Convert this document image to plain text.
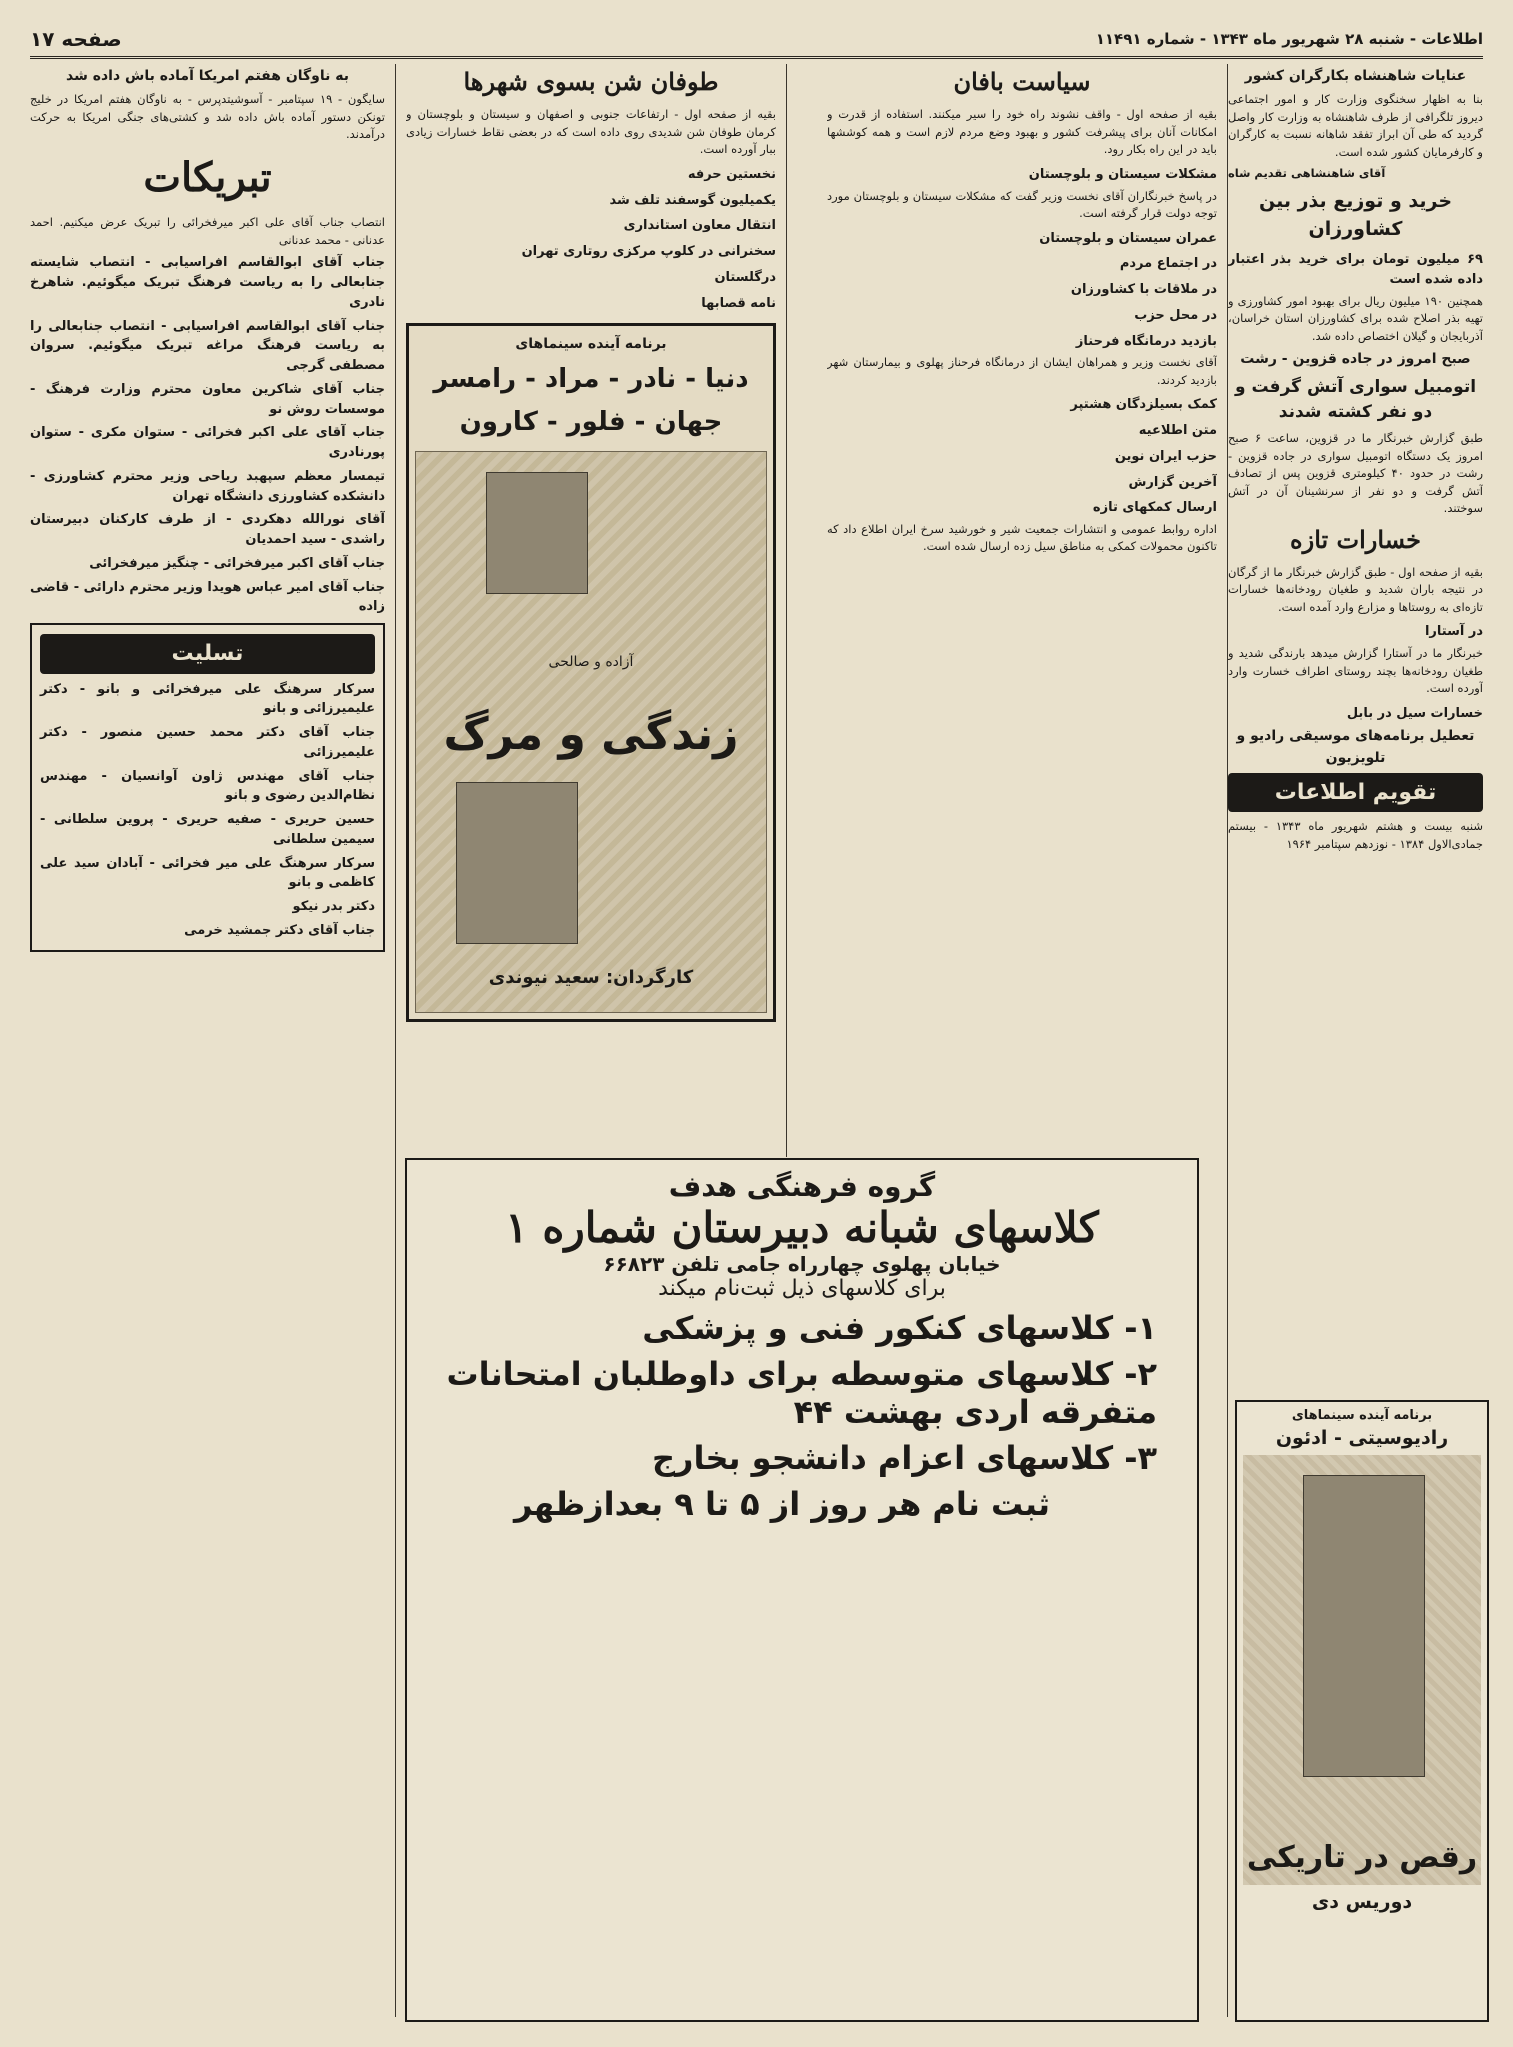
اطلاعات - شنبه ۲۸ شهریور ماه ۱۳۴۳ - شماره ۱۱۴۹۱
صفحه ۱۷
عنایات شاهنشاه بکارگران کشور

بنا به اظهار سخنگوی وزارت کار و امور اجتماعی دیروز تلگرافی از طرف شاهنشاه به وزارت کار واصل گردید که طی آن ابراز تفقد شاهانه نسبت به کارگران و کارفرمایان کشور شده است.

آقای شاهنشاهی تقدیم شاه

خرید و توزیع بذر بین کشاورزان
۶۹ میلیون تومان برای خرید بذر اعتبار داده شده است

همچنین ۱۹۰ میلیون ریال برای بهبود امور کشاورزی و تهیه بذر اصلاح شده برای کشاورزان استان خراسان، آذربایجان و گیلان اختصاص داده شد.

صبح امروز در جاده قزوین - رشت
اتومبیل سواری آتش گرفت و دو نفر کشته شدند

طبق گزارش خبرنگار ما در قزوین، ساعت ۶ صبح امروز یک دستگاه اتومبیل سواری در جاده قزوین - رشت در حدود ۴۰ کیلومتری قزوین پس از تصادف آتش گرفت و دو نفر از سرنشینان آن در آتش سوختند.

خسارات تازه

بقیه از صفحه اول - طبق گزارش خبرنگار ما از گرگان در نتیجه باران شدید و طغیان رودخانه‌ها خسارات تازه‌ای به روستاها و مزارع وارد آمده است.

در آستارا

خبرنگار ما در آستارا گزارش میدهد بارندگی شدید و طغیان رودخانه‌ها بچند روستای اطراف خسارت وارد آورده است.

خسارات سیل در بابل
تعطیل برنامه‌های موسیقی رادیو و تلویزیون
تقویم اطلاعات

شنبه بیست و هشتم شهریور ماه ۱۳۴۳ - بیستم جمادی‌الاول ۱۳۸۴ - نوزدهم سپتامبر ۱۹۶۴

برنامه آینده سینماهای
رادیوسیتی - ادئون
رقص در تاریکی
دوریس دی
سیاست بافان

بقیه از صفحه اول - واقف نشوند راه خود را سیر میکنند. استفاده از قدرت و امکانات آنان برای پیشرفت کشور و بهبود وضع مردم لازم است و همه کوششها باید در این راه بکار رود.

مشکلات سیستان و بلوچستان

در پاسخ خبرنگاران آقای نخست وزیر گفت که مشکلات سیستان و بلوچستان مورد توجه دولت قرار گرفته است.

عمران سیستان و بلوچستان
در اجتماع مردم
در ملاقات با کشاورزان
در محل حزب
بازدید درمانگاه فرحناز

آقای نخست وزیر و همراهان ایشان از درمانگاه فرحناز پهلوی و بیمارستان شهر بازدید کردند.

کمک بسیلزدگان هشتپر
متن اطلاعیه
حزب ایران نوین
آخرین گزارش
ارسال کمکهای تازه

اداره روابط عمومی و انتشارات جمعیت شیر و خورشید سرخ ایران اطلاع داد که تاکنون محمولات کمکی به مناطق سیل زده ارسال شده است.

طوفان شن بسوی شهرها

بقیه از صفحه اول - ارتفاعات جنوبی و اصفهان و سیستان و بلوچستان و کرمان طوفان شن شدیدی روی داده است که در بعضی نقاط خسارات زیادی ببار آورده است.

نخستین حرفه
یکمیلیون گوسفند تلف شد
انتقال معاون استانداری
سخنرانی در کلوپ مرکزی روتاری تهران
درگلستان
نامه قصابها
برنامه آینده سینماهای
دنیا - نادر - مراد - رامسر
جهان - فلور - کارون
آزاده و صالحی
زندگی و مرگ
کارگردان: سعید نیوندی
به ناوگان هفتم امریکا آماده باش داده شد

سایگون - ۱۹ سپتامبر - آسوشیتدپرس - به ناوگان هفتم امریکا در خلیج تونکن دستور آماده باش داده شد و کشتی‌های جنگی امریکا به حرکت درآمدند.

تبریکات

انتصاب جناب آقای علی اکبر میرفخرائی را تبریک عرض میکنیم. احمد عدنانی - محمد عدنانی

جناب آقای ابوالقاسم افراسیابی - انتصاب شایسته جنابعالی را به ریاست فرهنگ تبریک میگوئیم. شاهرخ نادری

جناب آقای ابوالقاسم افراسیابی - انتصاب جنابعالی را به ریاست فرهنگ مراغه تبریک میگوئیم. سروان مصطفی گرجی

جناب آقای شاکرین معاون محترم وزارت فرهنگ - موسسات روش نو

جناب آقای علی اکبر فخرائی - ستوان مکری - ستوان پورنادری

تیمسار معظم سپهبد ریاحی وزیر محترم کشاورزی - دانشکده کشاورزی دانشگاه تهران

آقای نورالله دهکردی - از طرف کارکنان دبیرستان راشدی - سید احمدیان

جناب آقای اکبر میرفخرائی - چنگیز میرفخرائی

جناب آقای امیر عباس هویدا وزیر محترم دارائی - قاضی زاده

تسلیت

سرکار سرهنگ علی میرفخرائی و بانو - دکتر علیمیرزائی و بانو

جناب آقای دکتر محمد حسین منصور - دکتر علیمیرزائی

جناب آقای مهندس ژاون آوانسیان - مهندس نظام‌الدین رضوی و بانو

حسین حریری - صفیه حریری - پروین سلطانی - سیمین سلطانی

سرکار سرهنگ علی میر فخرائی - آبادان سید علی کاظمی و بانو

دکتر بدر نیکو

جناب آقای دکتر جمشید خرمی

گروه فرهنگی هدف
کلاسهای شبانه دبیرستان شماره ۱
خیابان پهلوی چهارراه جامی تلفن ۶۶۸۲۳
برای کلاسهای ذیل ثبت‌نام میکند
۱- کلاسهای کنکور فنی و پزشکی
۲- کلاسهای متوسطه برای داوطلبان امتحانات متفرقه اردی بهشت ۴۴
۳- کلاسهای اعزام دانشجو بخارج
ثبت نام هر روز از ۵ تا ۹ بعدازظهر
